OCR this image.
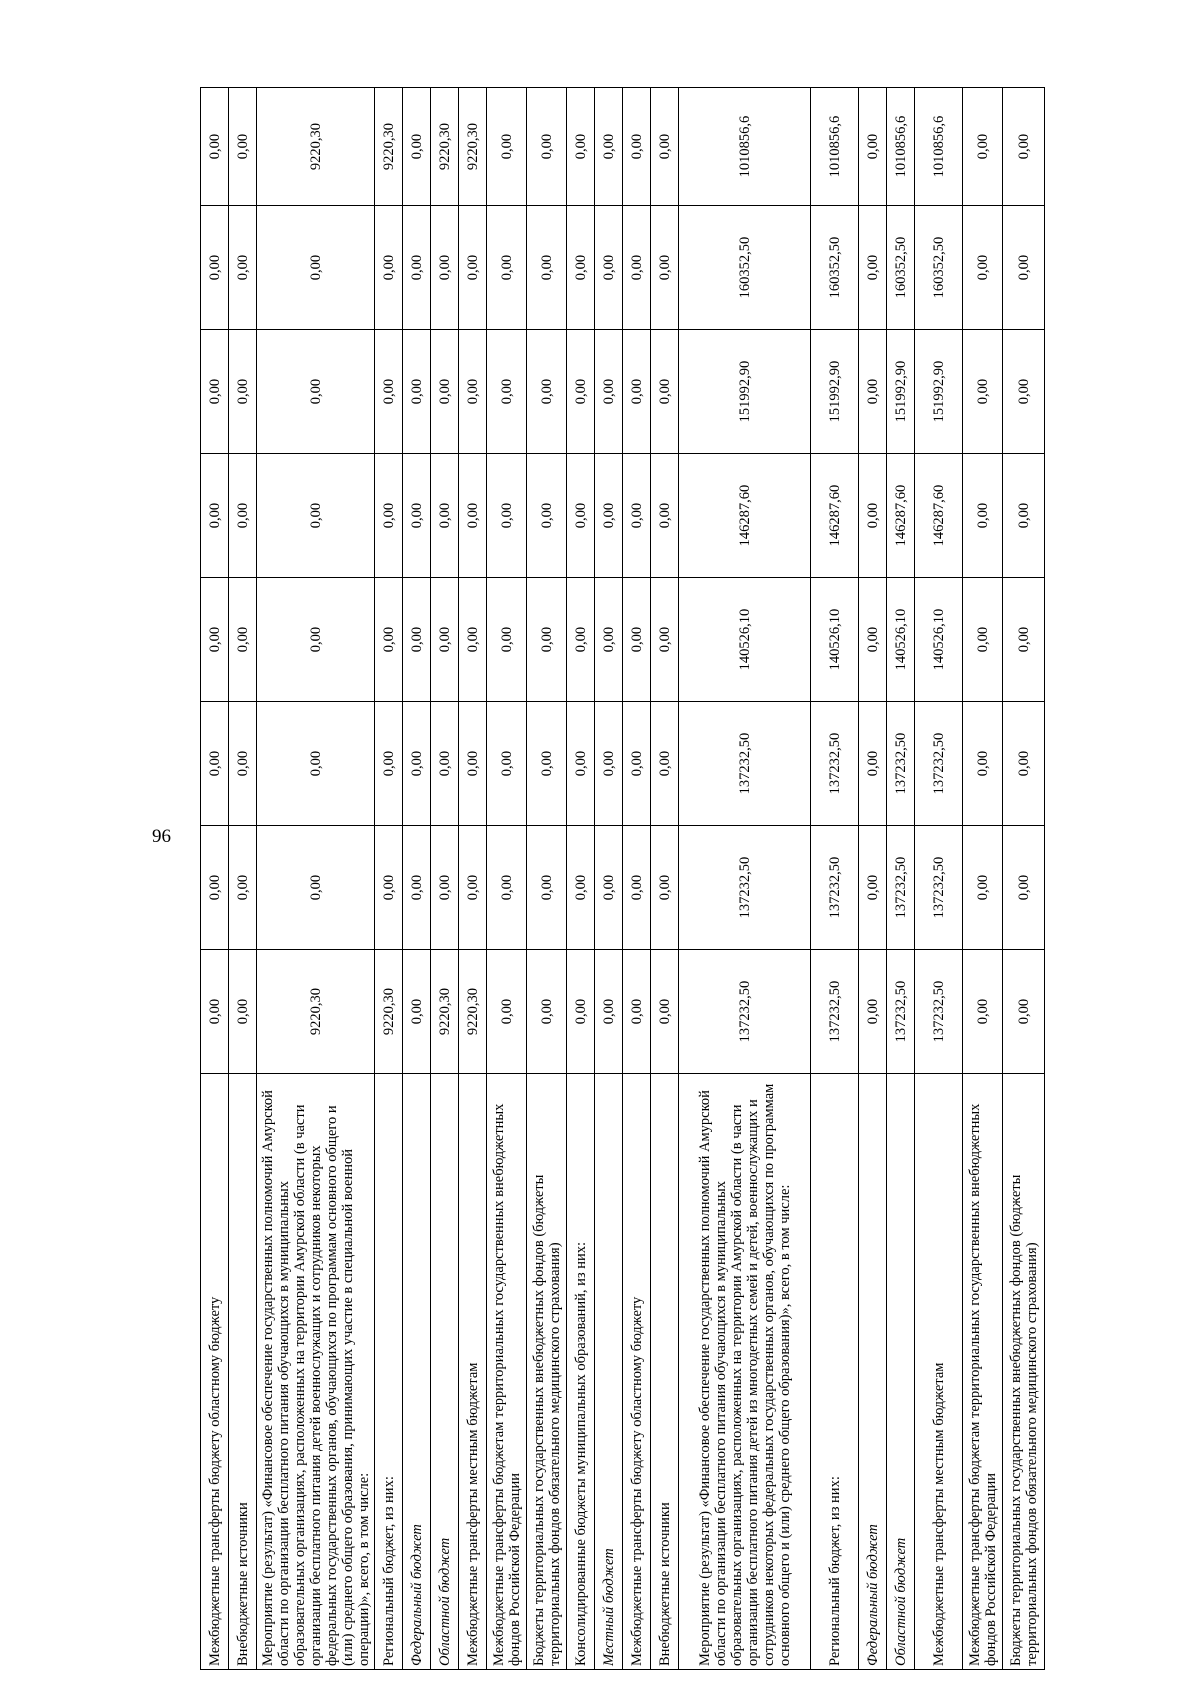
96
Межбюджетные трансферты бюджету областному бюджету	0,00	0,00	0,00	0,00	0,00	0,00	0,00	0,00
Внебюджетные источники	0,00	0,00	0,00	0,00	0,00	0,00	0,00	0,00
Мероприятие (результат) «Финансовое обеспечение государственных полномочий Амурской области по организации бесплатного питания обучающихся в муниципальных образовательных организациях, расположенных на территории Амурской области (в части организации бесплатного питания детей военнослужащих и сотрудников некоторых федеральных государственных органов, обучающихся по программам основного общего и (или) среднего общего образования, принимающих участие в специальной военной операции)», всего, в том числе:	9220,30	0,00	0,00	0,00	0,00	0,00	0,00	9220,30
Региональный бюджет, из них:	9220,30	0,00	0,00	0,00	0,00	0,00	0,00	9220,30
Федеральный бюджет	0,00	0,00	0,00	0,00	0,00	0,00	0,00	0,00
Областной бюджет	9220,30	0,00	0,00	0,00	0,00	0,00	0,00	9220,30
Межбюджетные трансферты местным бюджетам	9220,30	0,00	0,00	0,00	0,00	0,00	0,00	9220,30
Межбюджетные трансферты бюджетам территориальных государственных внебюджетных фондов Российской Федерации	0,00	0,00	0,00	0,00	0,00	0,00	0,00	0,00
Бюджеты территориальных государственных внебюджетных фондов (бюджеты территориальных фондов обязательного медицинского страхования)	0,00	0,00	0,00	0,00	0,00	0,00	0,00	0,00
Консолидированные бюджеты муниципальных образований, из них:	0,00	0,00	0,00	0,00	0,00	0,00	0,00	0,00
Местный бюджет	0,00	0,00	0,00	0,00	0,00	0,00	0,00	0,00
Межбюджетные трансферты бюджету областному бюджету	0,00	0,00	0,00	0,00	0,00	0,00	0,00	0,00
Внебюджетные источники	0,00	0,00	0,00	0,00	0,00	0,00	0,00	0,00
Мероприятие (результат) «Финансовое обеспечение государственных полномочий Амурской области по организации бесплатного питания обучающихся в муниципальных образовательных организациях, расположенных на территории Амурской области (в части организации бесплатного питания детей из многодетных семей и детей, военнослужащих и сотрудников некоторых федеральных государственных органов, обучающихся по программам основного общего и (или) среднего общего образования)», всего, в том числе:	137232,50	137232,50	137232,50	140526,10	146287,60	151992,90	160352,50	1010856,6
Региональный бюджет, из них:	137232,50	137232,50	137232,50	140526,10	146287,60	151992,90	160352,50	1010856,6
Федеральный бюджет	0,00	0,00	0,00	0,00	0,00	0,00	0,00	0,00
Областной бюджет	137232,50	137232,50	137232,50	140526,10	146287,60	151992,90	160352,50	1010856,6
Межбюджетные трансферты местным бюджетам	137232,50	137232,50	137232,50	140526,10	146287,60	151992,90	160352,50	1010856,6
Межбюджетные трансферты бюджетам территориальных государственных внебюджетных фондов Российской Федерации	0,00	0,00	0,00	0,00	0,00	0,00	0,00	0,00
Бюджеты территориальных государственных внебюджетных фондов (бюджеты территориальных фондов обязательного медицинского страхования)	0,00	0,00	0,00	0,00	0,00	0,00	0,00	0,00
